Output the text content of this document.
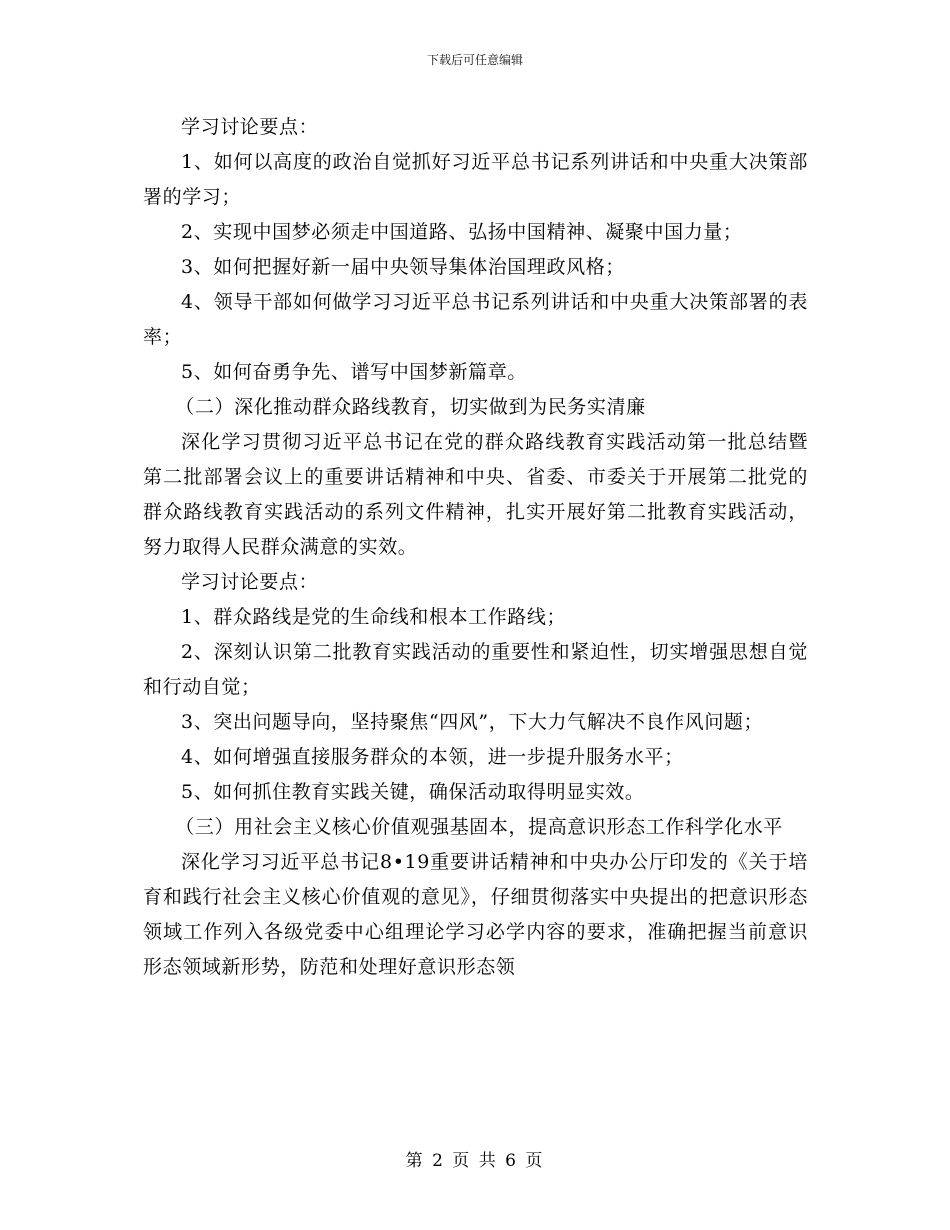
下载后可任意编辑

学习讨论要点：

1、如何以高度的政治自觉抓好习近平总书记系列讲话和中央重大决策部署的学习；

2、实现中国梦必须走中国道路、弘扬中国精神、凝聚中国力量；

3、如何把握好新一届中央领导集体治国理政风格；

4、领导干部如何做学习习近平总书记系列讲话和中央重大决策部署的表率；

5、如何奋勇争先、谱写中国梦新篇章。

（二）深化推动群众路线教育，切实做到为民务实清廉

深化学习贯彻习近平总书记在党的群众路线教育实践活动第一批总结暨第二批部署会议上的重要讲话精神和中央、省委、市委关于开展第二批党的群众路线教育实践活动的系列文件精神，扎实开展好第二批教育实践活动，努力取得人民群众满意的实效。

学习讨论要点：

1、群众路线是党的生命线和根本工作路线；

2、深刻认识第二批教育实践活动的重要性和紧迫性，切实增强思想自觉和行动自觉；

3、突出问题导向，坚持聚焦“四风”，下大力气解决不良作风问题；

4、如何增强直接服务群众的本领，进一步提升服务水平；

5、如何抓住教育实践关键，确保活动取得明显实效。

（三）用社会主义核心价值观强基固本，提高意识形态工作科学化水平

深化学习习近平总书记8•19重要讲话精神和中央办公厅印发的《关于培育和践行社会主义核心价值观的意见》，仔细贯彻落实中央提出的把意识形态领域工作列入各级党委中心组理论学习必学内容的要求，准确把握当前意识形态领域新形势，防范和处理好意识形态领

第 2 页 共 6 页
